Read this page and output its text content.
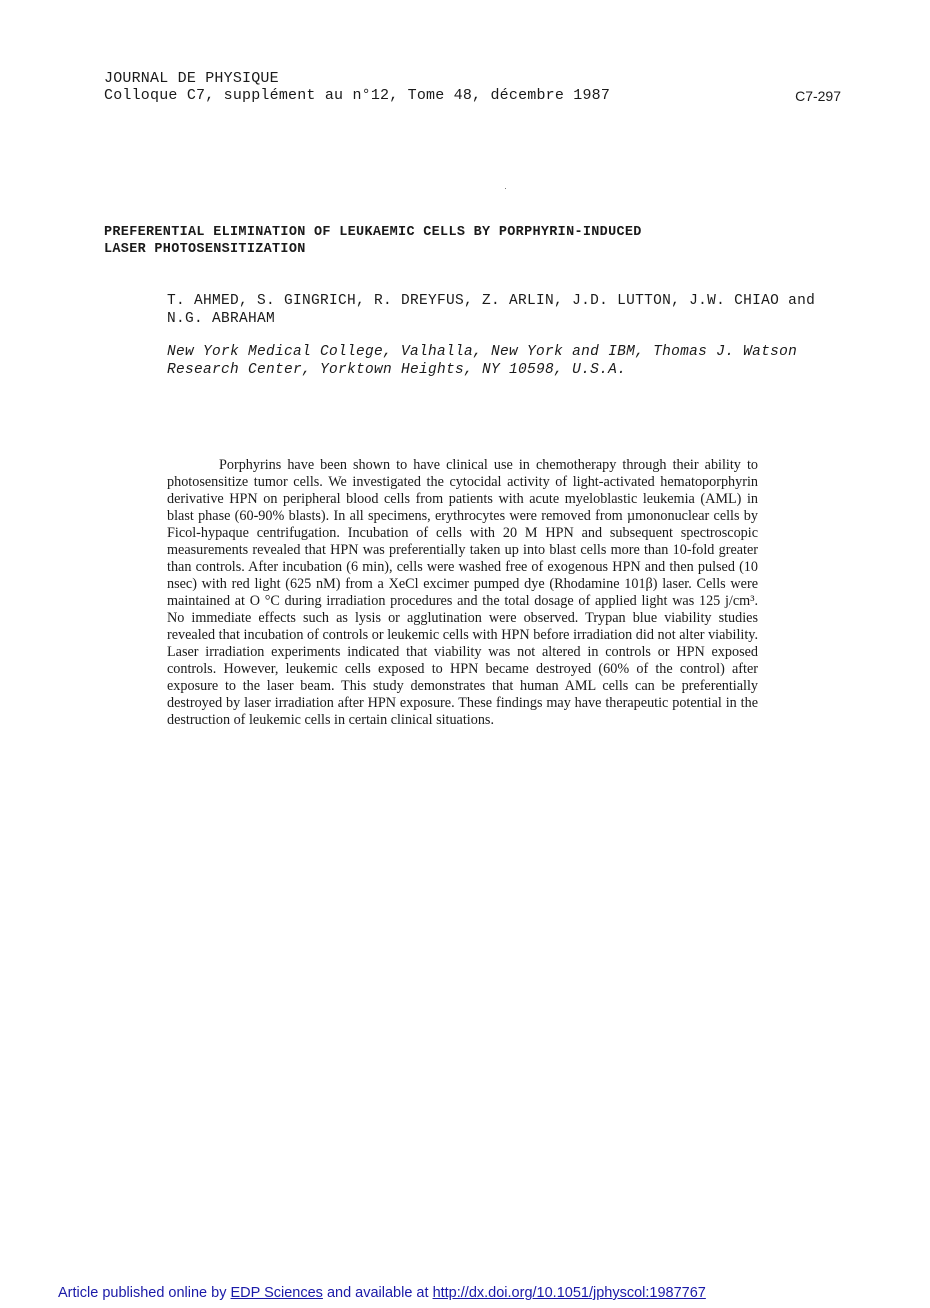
JOURNAL DE PHYSIQUE
Colloque C7, supplément au n°12, Tome 48, décembre 1987	C7-297
PREFERENTIAL ELIMINATION OF LEUKAEMIC CELLS BY PORPHYRIN-INDUCED
LASER PHOTOSENSITIZATION
T. AHMED, S. GINGRICH, R. DREYFUS, Z. ARLIN, J.D. LUTTON, J.W. CHIAO and N.G. ABRAHAM
New York Medical College, Valhalla, New York and IBM, Thomas J. Watson Research Center, Yorktown Heights, NY 10598, U.S.A.
Porphyrins have been shown to have clinical use in chemotherapy through their ability to photosensitize tumor cells. We investigated the cytocidal activity of light-activated hematoporphyrin derivative HPN on peripheral blood cells from patients with acute myeloblastic leukemia (AML) in blast phase (60-90% blasts). In all specimens, erythrocytes were removed from µmononuclear cells by Ficol-hypaque centrifugation. Incubation of cells with 20 M HPN and subsequent spectroscopic measurements revealed that HPN was preferentially taken up into blast cells more than 10-fold greater than controls. After incubation (6 min), cells were washed free of exogenous HPN and then pulsed (10 nsec) with red light (625 nM) from a XeCl excimer pumped dye (Rhodamine 101β) laser. Cells were maintained at O °C during irradiation procedures and the total dosage of applied light was 125 j/cm³. No immediate effects such as lysis or agglutination were observed. Trypan blue viability studies revealed that incubation of controls or leukemic cells with HPN before irradiation did not alter viability. Laser irradiation experiments indicated that viability was not altered in controls or HPN exposed controls. However, leukemic cells exposed to HPN became destroyed (60% of the control) after exposure to the laser beam. This study demonstrates that human AML cells can be preferentially destroyed by laser irradiation after HPN exposure. These findings may have therapeutic potential in the destruction of leukemic cells in certain clinical situations.
Article published online by EDP Sciences and available at http://dx.doi.org/10.1051/jphyscol:1987767
